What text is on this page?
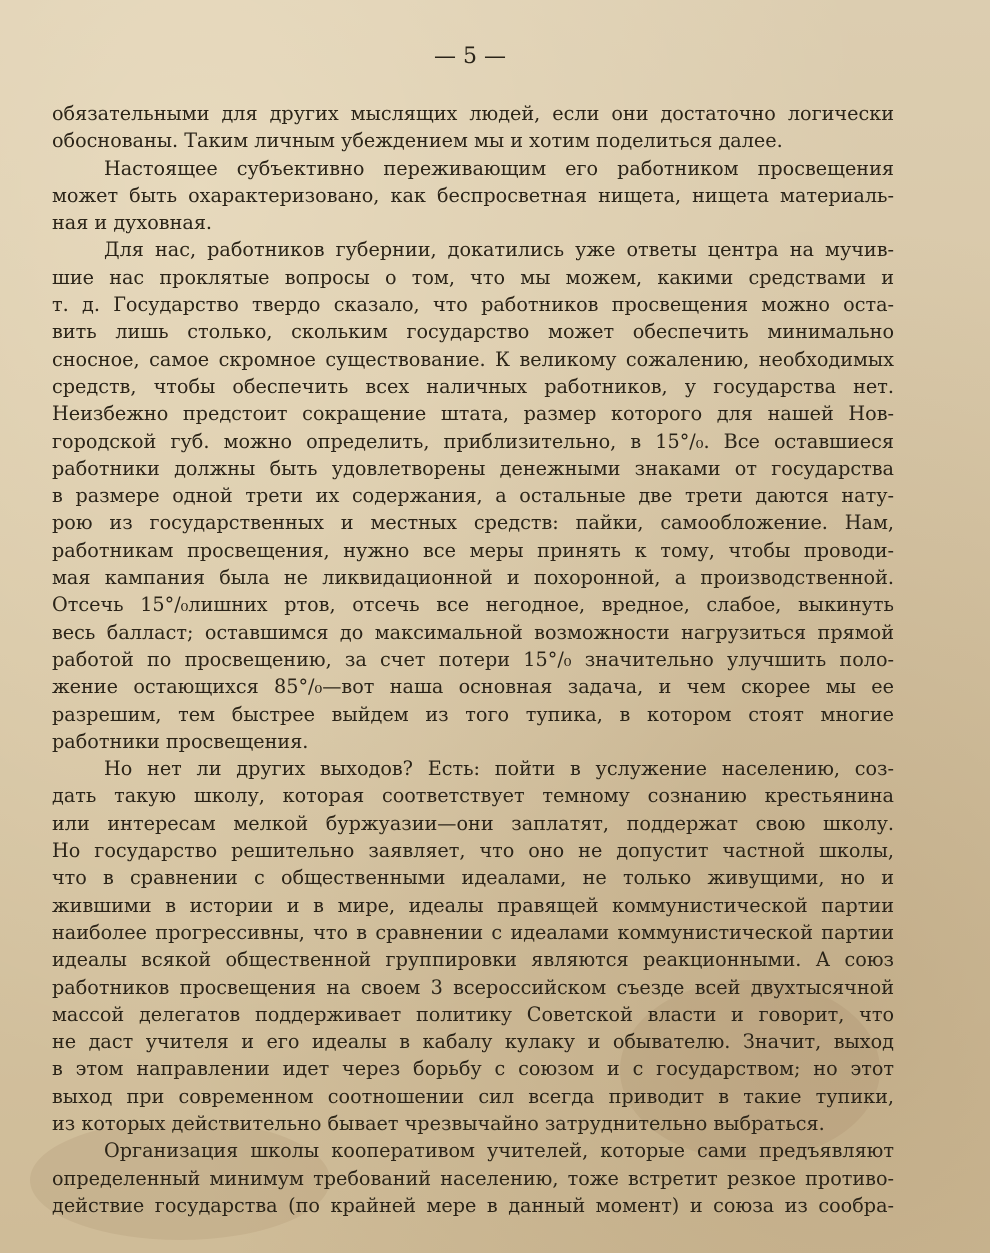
— 5 —

обязательными для других мыслящих людей, если они достаточно логически

обоснованы. Таким личным убеждением мы и хотим поделиться далее.

Настоящее субъективно переживающим его работником просвещения

может быть охарактеризовано, как беспросветная нищета, нищета материаль-

ная и духовная.

Для нас, работников губернии, докатились уже ответы центра на мучив-

шие нас проклятые вопросы о том, что мы можем, какими средствами и

т. д. Государство твердо сказало, что работников просвещения можно оста-

вить лишь столько, скольким государство может обеспечить минимально

сносное, самое скромное существование. К великому сожалению, необходимых

средств, чтобы обеспечить всех наличных работников, у государства нет.

Неизбежно предстоит сокращение штата, размер которого для нашей Нов-

городской губ. можно определить, приблизительно, в 15°/₀. Все оставшиеся

работники должны быть удовлетворены денежными знаками от государства

в размере одной трети их содержания, а остальные две трети даются нату-

рою из государственных и местных средств: пайки, самообложение. Нам,

работникам просвещения, нужно все меры принять к тому, чтобы проводи-

мая кампания была не ликвидационной и похоронной, а производственной.

Отсечь 15°/₀лишних ртов, отсечь все негодное, вредное, слабое, выкинуть

весь балласт; оставшимся до максимальной возможности нагрузиться прямой

работой по просвещению, за счет потери 15°/₀ значительно улучшить поло-

жение остающихся 85°/₀—вот наша основная задача, и чем скорее мы ее

разрешим, тем быстрее выйдем из того тупика, в котором стоят многие

работники просвещения.

Но нет ли других выходов? Есть: пойти в услужение населению, соз-

дать такую школу, которая соответствует темному сознанию крестьянина

или интересам мелкой буржуазии—они заплатят, поддержат свою школу.

Но государство решительно заявляет, что оно не допустит частной школы,

что в сравнении с общественными идеалами, не только живущими, но и

жившими в истории и в мире, идеалы правящей коммунистической партии

наиболее прогрессивны, что в сравнении с идеалами коммунистической партии

идеалы всякой общественной группировки являются реакционными. А союз

работников просвещения на своем 3 всероссийском съезде всей двухтысячной

массой делегатов поддерживает политику Советской власти и говорит, что

не даст учителя и его идеалы в кабалу кулаку и обывателю. Значит, выход

в этом направлении идет через борьбу с союзом и с государством; но этот

выход при современном соотношении сил всегда приводит в такие тупики,

из которых действительно бывает чрезвычайно затруднительно выбраться.

Организация школы кооперативом учителей, которые сами предъявляют

определенный минимум требований населению, тоже встретит резкое противо-

действие государства (по крайней мере в данный момент) и союза из сообра-
